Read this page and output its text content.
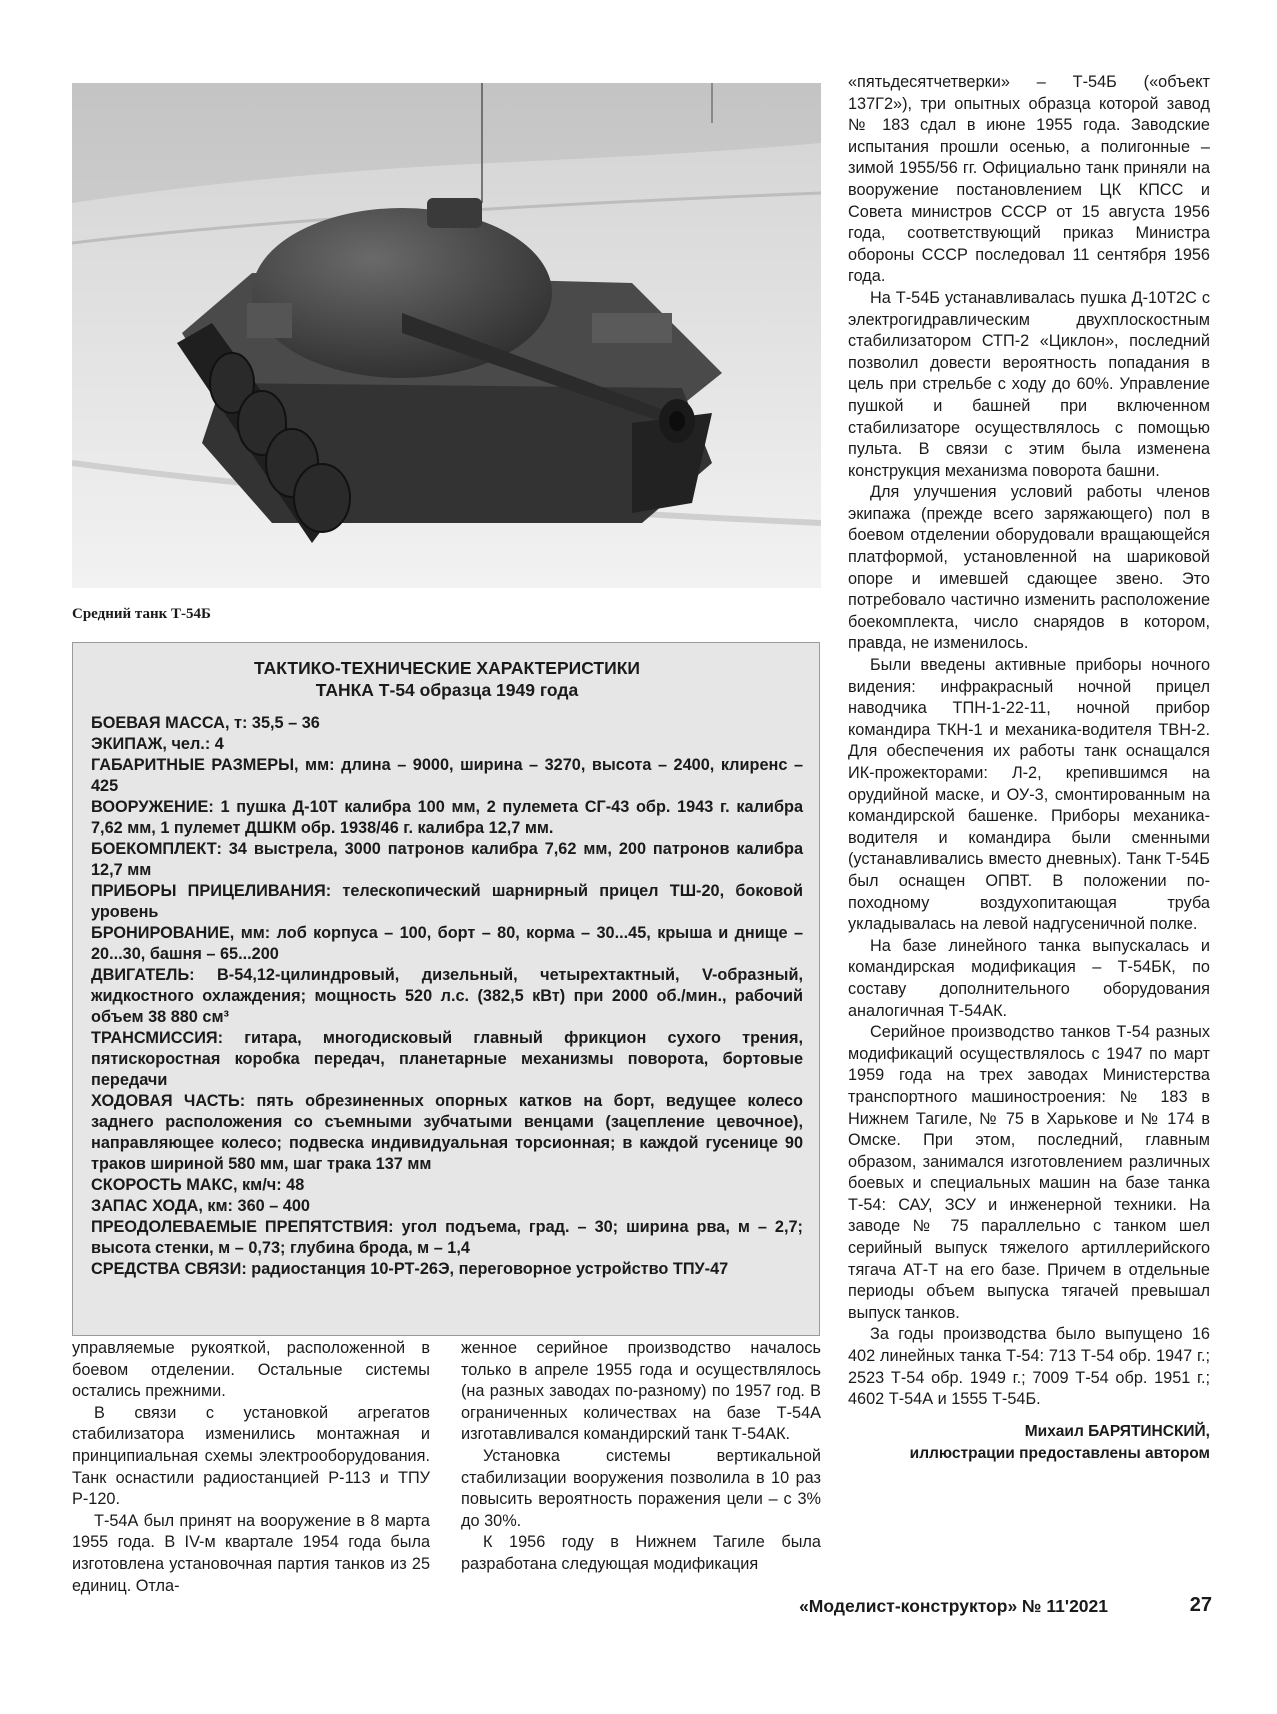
Средний танк Т-54Б
ТАКТИКО-ТЕХНИЧЕСКИЕ ХАРАКТЕРИСТИКИ
ТАНКА Т-54 образца 1949 года
БОЕВАЯ МАССА, т: 35,5 – 36
ЭКИПАЖ, чел.: 4
ГАБАРИТНЫЕ РАЗМЕРЫ, мм: длина – 9000, ширина – 3270, высота – 2400, клиренс – 425
ВООРУЖЕНИЕ: 1 пушка Д-10Т калибра 100 мм, 2 пулемета СГ-43 обр. 1943 г. калибра 7,62 мм, 1 пулемет ДШКМ обр. 1938/46 г. калибра 12,7 мм.
БОЕКОМПЛЕКТ: 34 выстрела, 3000 патронов калибра 7,62 мм, 200 патронов калибра 12,7 мм
ПРИБОРЫ ПРИЦЕЛИВАНИЯ: телескопический шарнирный прицел ТШ-20, боковой уровень
БРОНИРОВАНИЕ, мм: лоб корпуса – 100, борт – 80, корма – 30...45, крыша и днище – 20...30, башня – 65...200
ДВИГАТЕЛЬ: В-54,12-цилиндровый, дизельный, четырехтактный, V-образный, жидкостного охлаждения; мощность 520 л.с. (382,5 кВт) при 2000 об./мин., рабочий объем 38 880 см³
ТРАНСМИССИЯ: гитара, многодисковый главный фрикцион сухого трения, пятискоростная коробка передач, планетарные механизмы поворота, бортовые передачи
ХОДОВАЯ ЧАСТЬ: пять обрезиненных опорных катков на борт, ведущее колесо заднего расположения со съемными зубчатыми венцами (зацепление цевочное), направляющее колесо; подвеска индивидуальная торсионная; в каждой гусенице 90 траков шириной 580 мм, шаг трака 137 мм
СКОРОСТЬ МАКС, км/ч: 48
ЗАПАС ХОДА, км: 360 – 400
ПРЕОДОЛЕВАЕМЫЕ ПРЕПЯТСТВИЯ: угол подъема, град. – 30; ширина рва, м – 2,7; высота стенки, м – 0,73; глубина брода, м – 1,4
СРЕДСТВА СВЯЗИ: радиостанция 10-РТ-26Э, переговорное устройство ТПУ-47

«пятьдесятчетверки» – Т-54Б («объект 137Г2»), три опытных образца которой завод № 183 сдал в июне 1955 года. Заводские испытания прошли осенью, а полигонные – зимой 1955/56 гг. Официально танк приняли на вооружение постановлением ЦК КПСС и Совета министров СССР от 15 августа 1956 года, соответствующий приказ Министра обороны СССР последовал 11 сентября 1956 года.

На Т-54Б устанавливалась пушка Д-10Т2С с электрогидравлическим двухплоскостным стабилизатором СТП-2 «Циклон», последний позволил довести вероятность попадания в цель при стрельбе с ходу до 60%. Управление пушкой и башней при включенном стабилизаторе осуществлялось с помощью пульта. В связи с этим была изменена конструкция механизма поворота башни.

Для улучшения условий работы членов экипажа (прежде всего заряжающего) пол в боевом отделении оборудовали вращающейся платформой, установленной на шариковой опоре и имевшей сдающее звено. Это потребовало частично изменить расположение боекомплекта, число снарядов в котором, правда, не изменилось.

Были введены активные приборы ночного видения: инфракрасный ночной прицел наводчика ТПН-1-22-11, ночной прибор командира ТКН-1 и механика-водителя ТВН-2. Для обеспечения их работы танк оснащался ИК-прожекторами: Л-2, крепившимся на орудийной маске, и ОУ-3, смонтированным на командирской башенке. Приборы механика-водителя и командира были сменными (устанавливались вместо дневных). Танк Т-54Б был оснащен ОПВТ. В положении по-походному воздухопитающая труба укладывалась на левой надгусеничной полке.

На базе линейного танка выпускалась и командирская модификация – Т-54БК, по составу дополнительного оборудования аналогичная Т-54АК.

Серийное производство танков Т-54 разных модификаций осуществлялось с 1947 по март 1959 года на трех заводах Министерства транспортного машиностроения: № 183 в Нижнем Тагиле, № 75 в Харькове и № 174 в Омске. При этом, последний, главным образом, занимался изготовлением различных боевых и специальных машин на базе танка Т-54: САУ, ЗСУ и инженерной техники. На заводе № 75 параллельно с танком шел серийный выпуск тяжелого артиллерийского тягача АТ-Т на его базе. Причем в отдельные периоды объем выпуска тягачей превышал выпуск танков.

За годы производства было выпущено 16 402 линейных танка Т-54: 713 Т-54 обр. 1947 г.; 2523 Т-54 обр. 1949 г.; 7009 Т-54 обр. 1951 г.; 4602 Т-54А и 1555 Т-54Б.

Михаил БАРЯТИНСКИЙ,
иллюстрации предоставлены автором

управляемые рукояткой, расположенной в боевом отделении. Остальные системы остались прежними.

В связи с установкой агрегатов стабилизатора изменились монтажная и принципиальная схемы электрооборудования. Танк оснастили радиостанцией Р-113 и ТПУ Р-120.

Т-54А был принят на вооружение в 8 марта 1955 года. В IV-м квартале 1954 года была изготовлена установочная партия танков из 25 единиц. Отла-

женное серийное производство началось только в апреле 1955 года и осуществлялось (на разных заводах по-разному) по 1957 год. В ограниченных количествах на базе Т-54А изготавливался командирский танк Т-54АК.

Установка системы вертикальной стабилизации вооружения позволила в 10 раз повысить вероятность поражения цели – с 3% до 30%.

К 1956 году в Нижнем Тагиле была разработана следующая модификация

«Моделист-конструктор» № 11'2021	27
